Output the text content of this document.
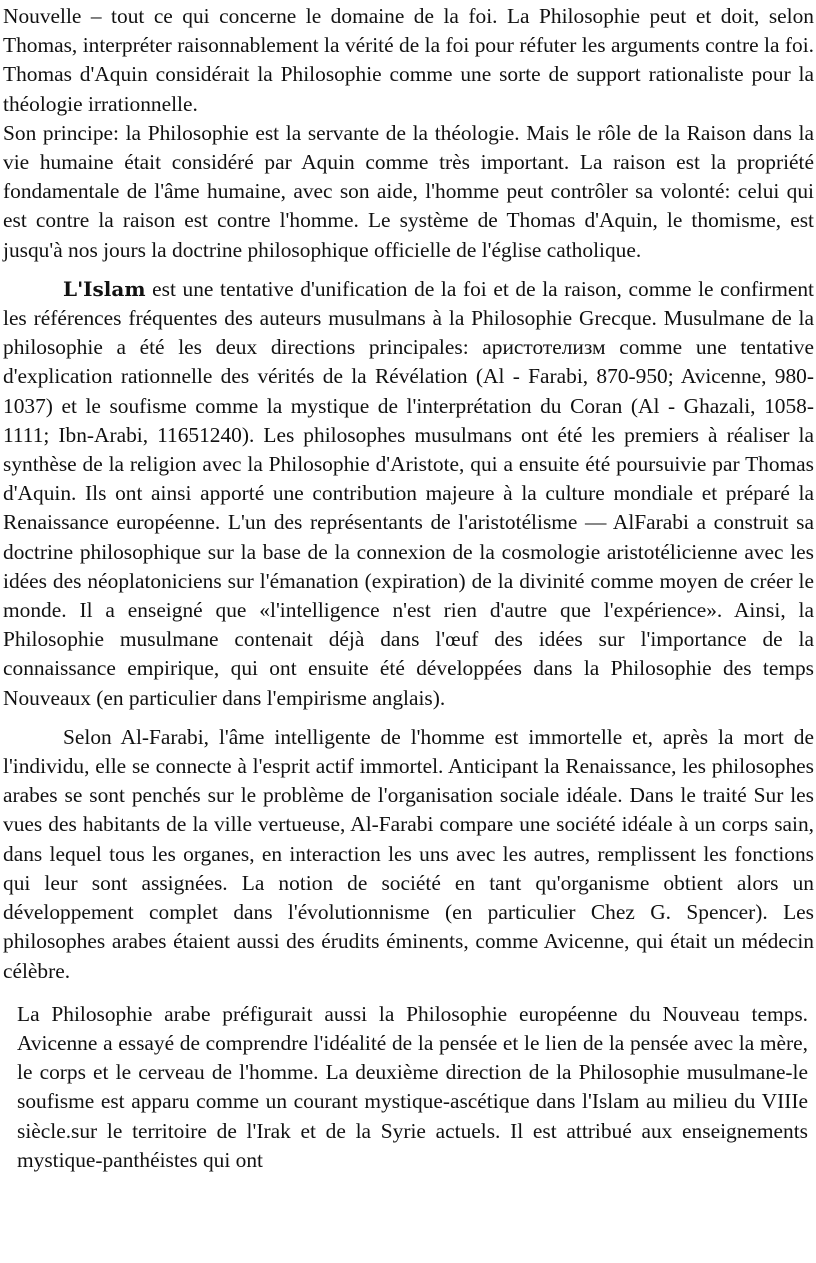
Nouvelle – tout ce qui concerne le domaine de la foi. La Philosophie peut et doit, selon Thomas, interpréter raisonnablement la vérité de la foi pour réfuter les arguments contre la foi. Thomas d'Aquin considérait la Philosophie comme une sorte de support rationaliste pour la théologie irrationnelle.

Son principe: la Philosophie est la servante de la théologie. Mais le rôle de la Raison dans la vie humaine était considéré par Aquin comme très important. La raison est la propriété fondamentale de l'âme humaine, avec son aide, l'homme peut contrôler sa volonté: celui qui est contre la raison est contre l'homme. Le système de Thomas d'Aquin, le thomisme, est jusqu'à nos jours la doctrine philosophique officielle de l'église catholique.

L'Islam est une tentative d'unification de la foi et de la raison, comme le confirment les références fréquentes des auteurs musulmans à la Philosophie Grecque. Musulmane de la philosophie a été les deux directions principales: аристотелизм comme une tentative d'explication rationnelle des vérités de la Révélation (Al - Farabi, 870-950; Avicenne, 980-1037) et le soufisme comme la mystique de l'interprétation du Coran (Al - Ghazali, 1058-1111; Ibn-Arabi, 11651240). Les philosophes musulmans ont été les premiers à réaliser la synthèse de la religion avec la Philosophie d'Aristote, qui a ensuite été poursuivie par Thomas d'Aquin. Ils ont ainsi apporté une contribution majeure à la culture mondiale et préparé la Renaissance européenne. L'un des représentants de l'aristotélisme — AlFarabi a construit sa doctrine philosophique sur la base de la connexion de la cosmologie aristotélicienne avec les idées des néoplatoniciens sur l'émanation (expiration) de la divinité comme moyen de créer le monde. Il a enseigné que «l'intelligence n'est rien d'autre que l'expérience». Ainsi, la Philosophie musulmane contenait déjà dans l'œuf des idées sur l'importance de la connaissance empirique, qui ont ensuite été développées dans la Philosophie des temps Nouveaux (en particulier dans l'empirisme anglais).

Selon Al-Farabi, l'âme intelligente de l'homme est immortelle et, après la mort de l'individu, elle se connecte à l'esprit actif immortel. Anticipant la Renaissance, les philosophes arabes se sont penchés sur le problème de l'organisation sociale idéale. Dans le traité Sur les vues des habitants de la ville vertueuse, Al-Farabi compare une société idéale à un corps sain, dans lequel tous les organes, en interaction les uns avec les autres, remplissent les fonctions qui leur sont assignées. La notion de société en tant qu'organisme obtient alors un développement complet dans l'évolutionnisme (en particulier Chez G. Spencer). Les philosophes arabes étaient aussi des érudits éminents, comme Avicenne, qui était un médecin célèbre.

La Philosophie arabe préfigurait aussi la Philosophie européenne du Nouveau temps. Avicenne a essayé de comprendre l'idéalité de la pensée et le lien de la pensée avec la mère, le corps et le cerveau de l'homme. La deuxième direction de la Philosophie musulmane-le soufisme est apparu comme un courant mystique-ascétique dans l'Islam au milieu du VIIIe siècle.sur le territoire de l'Irak et de la Syrie actuels. Il est attribué aux enseignements mystique-panthéistes qui ont
